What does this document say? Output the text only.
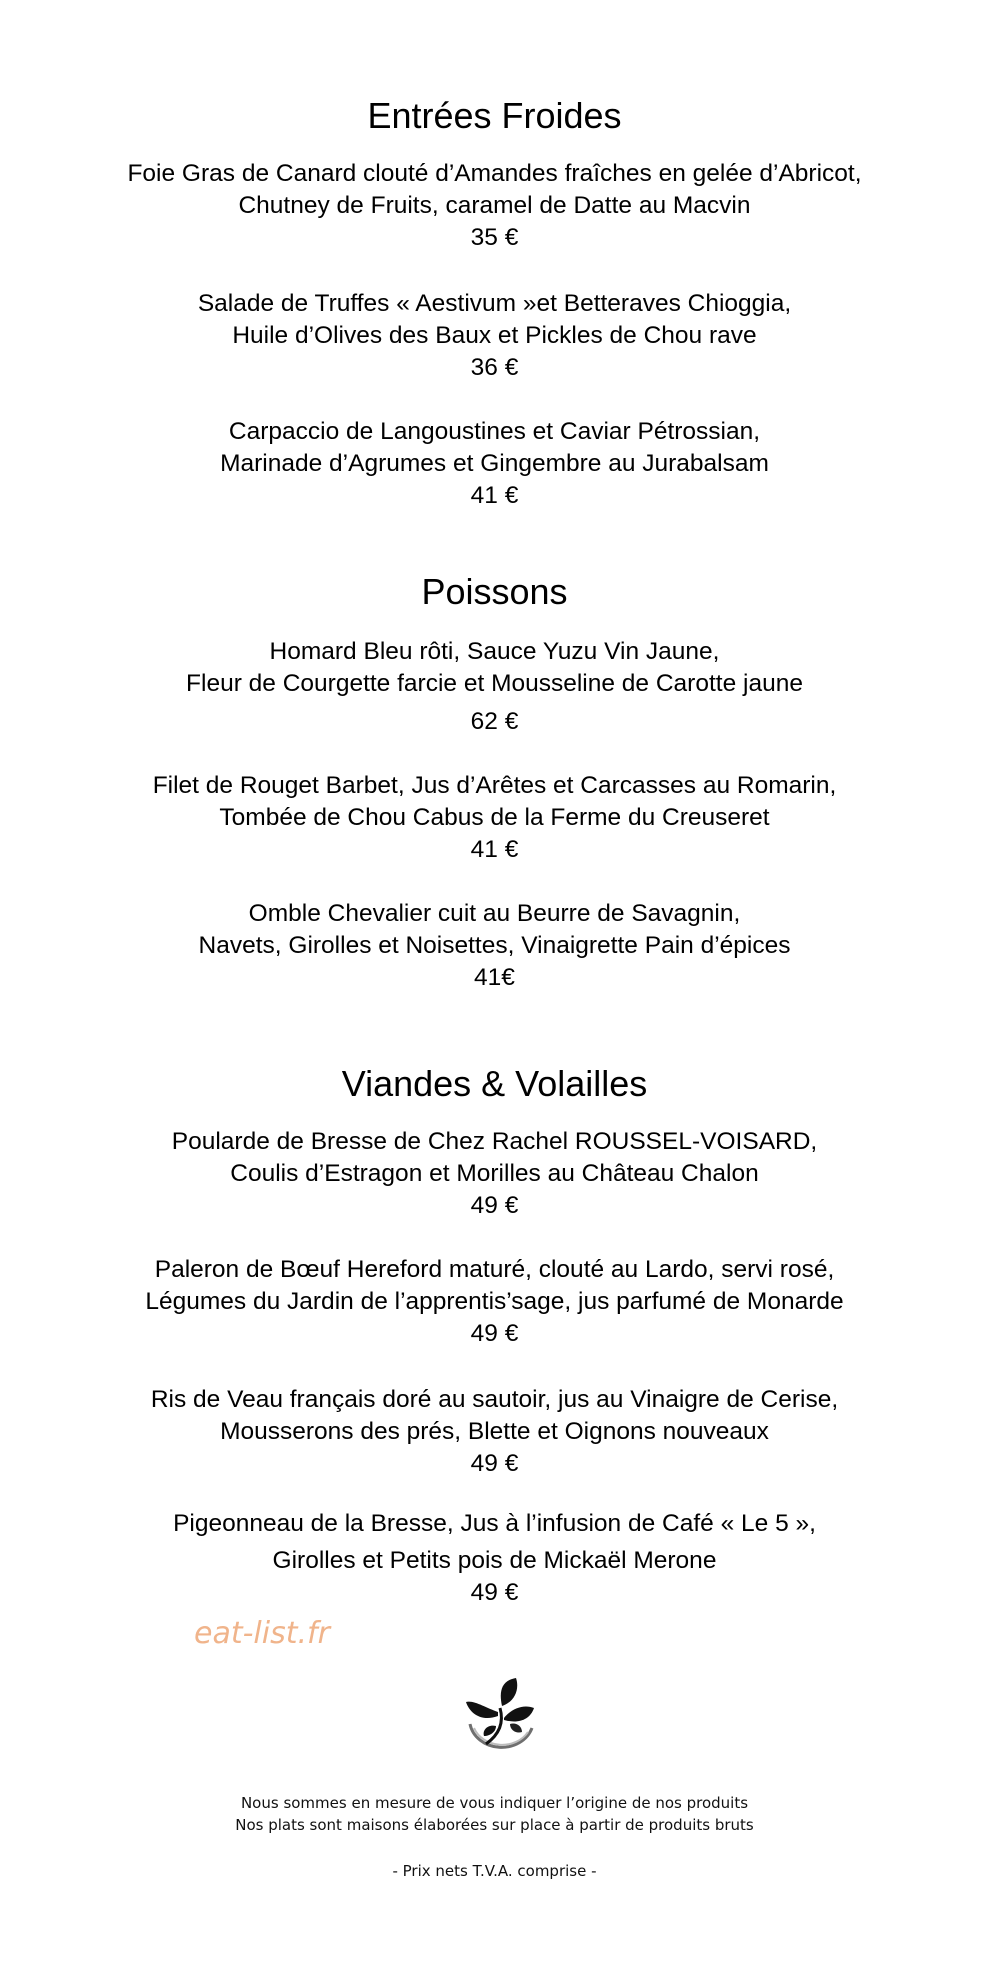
Entrées Froides
Foie Gras de Canard clouté d’Amandes fraîches en gelée d’Abricot,
Chutney de Fruits, caramel de Datte au Macvin
35 €
Salade de Truffes « Aestivum »et Betteraves Chioggia,
Huile d’Olives des Baux et Pickles de Chou rave
36 €
Carpaccio de Langoustines et Caviar Pétrossian,
Marinade d’Agrumes et Gingembre au Jurabalsam
41 €
Poissons
Homard Bleu rôti, Sauce Yuzu Vin Jaune,
Fleur de Courgette farcie et Mousseline de Carotte jaune
62 €
Filet de Rouget Barbet, Jus d’Arêtes et Carcasses au Romarin,
Tombée de Chou Cabus de la Ferme du Creuseret
41 €
Omble Chevalier cuit au Beurre de Savagnin,
Navets, Girolles et Noisettes, Vinaigrette Pain d’épices
41€
Viandes & Volailles
Poularde de Bresse de Chez Rachel ROUSSEL-VOISARD,
Coulis d’Estragon et Morilles au Château Chalon
49 €
Paleron de Bœuf Hereford maturé, clouté au Lardo, servi rosé,
Légumes du Jardin de l’apprentis’sage, jus parfumé de Monarde
49 €
Ris de Veau français doré au sautoir, jus au Vinaigre de Cerise,
Mousserons des prés, Blette et Oignons nouveaux
49 €
Pigeonneau de la Bresse, Jus à l’infusion de Café « Le 5 »,
Girolles et Petits pois de Mickaël Merone
49 €
eat-list.fr
Nous sommes en mesure de vous indiquer l’origine de nos produits
Nos plats sont maisons élaborées sur place à partir de produits bruts
- Prix nets T.V.A. comprise -
